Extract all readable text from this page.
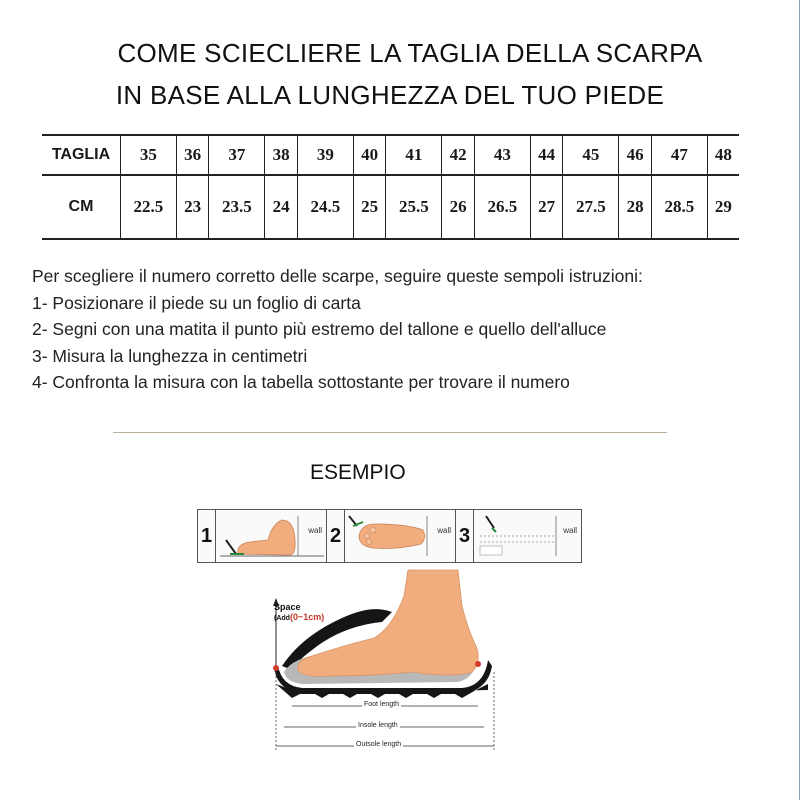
COME SCIECLIERE LA TAGLIA DELLA SCARPA
IN BASE ALLA LUNGHEZZA DEL TUO PIEDE
TAGLIA	35	36	37	38	39	40	41	42	43	44	45	46	47	48
CM	22.5	23	23.5	24	24.5	25	25.5	26	26.5	27	27.5	28	28.5	29
Per scegliere il numero corretto delle scarpe, seguire queste sempoli istruzioni:
1- Posizionare il piede su un foglio di carta
2- Segni con una matita il punto più estremo del tallone e quello dell'alluce
3- Misura la lunghezza in centimetri
4- Confronta la misura con la tabella sottostante per trovare il numero
ESEMPIO
1	wall 2	wall 3	wall
Space
(Add(0~1cm)
Foot length
Insole length
Outsole length
